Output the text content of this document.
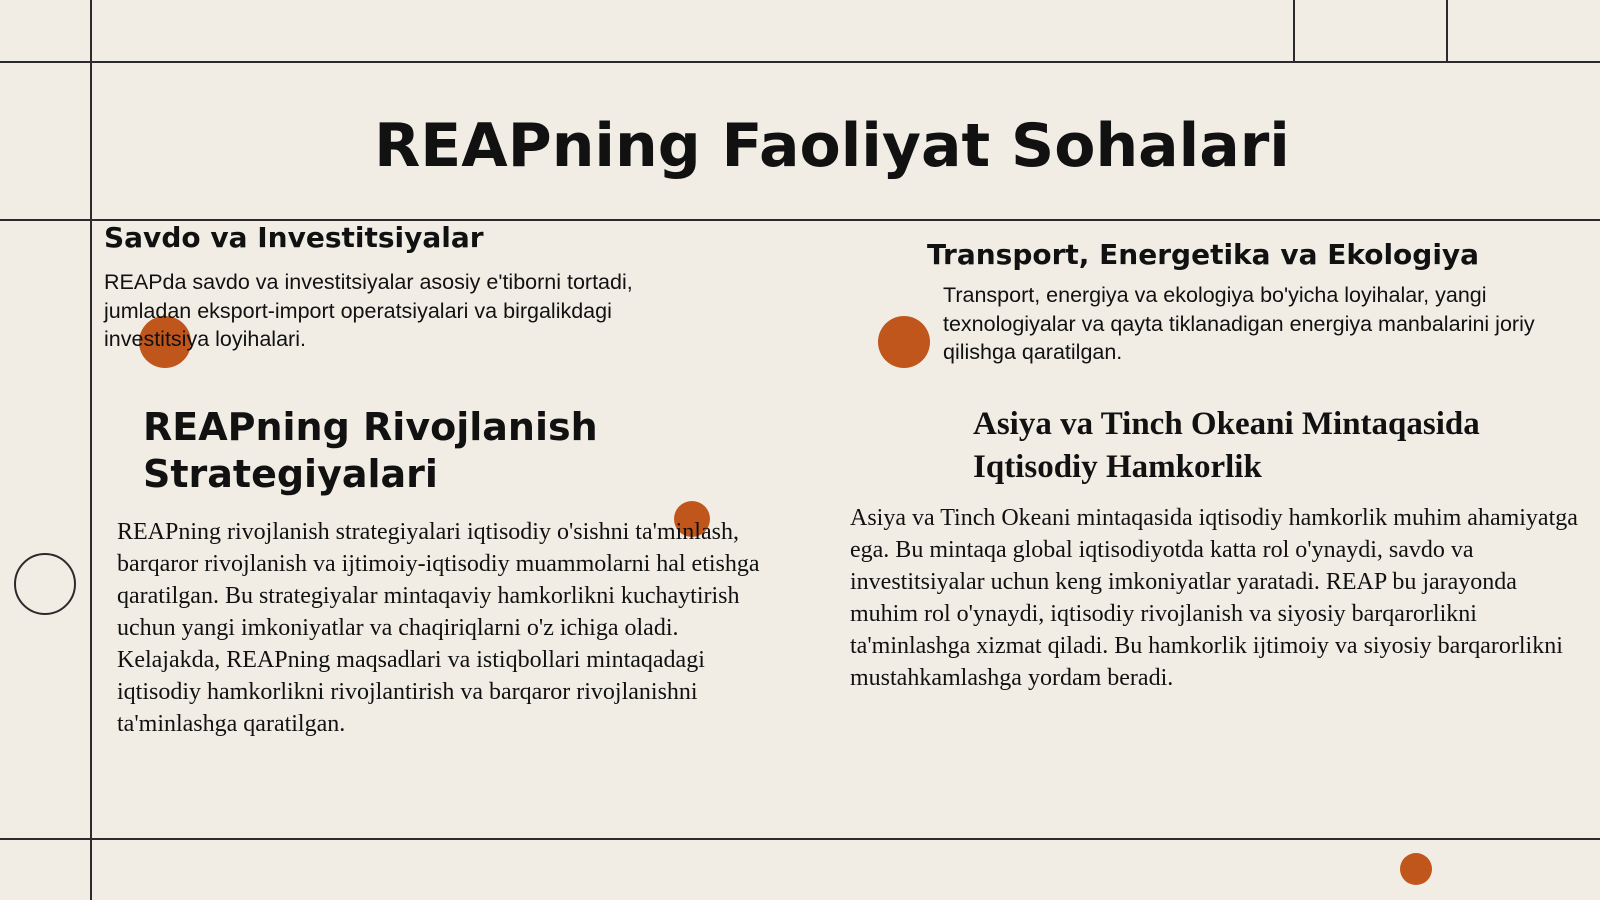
REAPning Faoliyat Sohalari
Savdo va Investitsiyalar

REAPda savdo va investitsiyalar asosiy e'tiborni tortadi, jumladan eksport-import operatsiyalari va birgalikdagi investitsiya loyihalari.

Transport, Energetika va Ekologiya

Transport, energiya va ekologiya bo'yicha loyihalar, yangi texnologiyalar va qayta tiklanadigan energiya manbalarini joriy qilishga qaratilgan.

REAPning Rivojlanish Strategiyalari

REAPning rivojlanish strategiyalari iqtisodiy o'sishni ta'minlash, barqaror rivojlanish va ijtimoiy-iqtisodiy muammolarni hal etishga qaratilgan. Bu strategiyalar mintaqaviy hamkorlikni kuchaytirish uchun yangi imkoniyatlar va chaqiriqlarni o'z ichiga oladi. Kelajakda, REAPning maqsadlari va istiqbollari mintaqadagi iqtisodiy hamkorlikni rivojlantirish va barqaror rivojlanishni ta'minlashga qaratilgan.

Asiya va Tinch Okeani Mintaqasida Iqtisodiy Hamkorlik

Asiya va Tinch Okeani mintaqasida iqtisodiy hamkorlik muhim ahamiyatga ega. Bu mintaqa global iqtisodiyotda katta rol o'ynaydi, savdo va investitsiyalar uchun keng imkoniyatlar yaratadi. REAP bu jarayonda muhim rol o'ynaydi, iqtisodiy rivojlanish va siyosiy barqarorlikni ta'minlashga xizmat qiladi. Bu hamkorlik ijtimoiy va siyosiy barqarorlikni mustahkamlashga yordam beradi.
